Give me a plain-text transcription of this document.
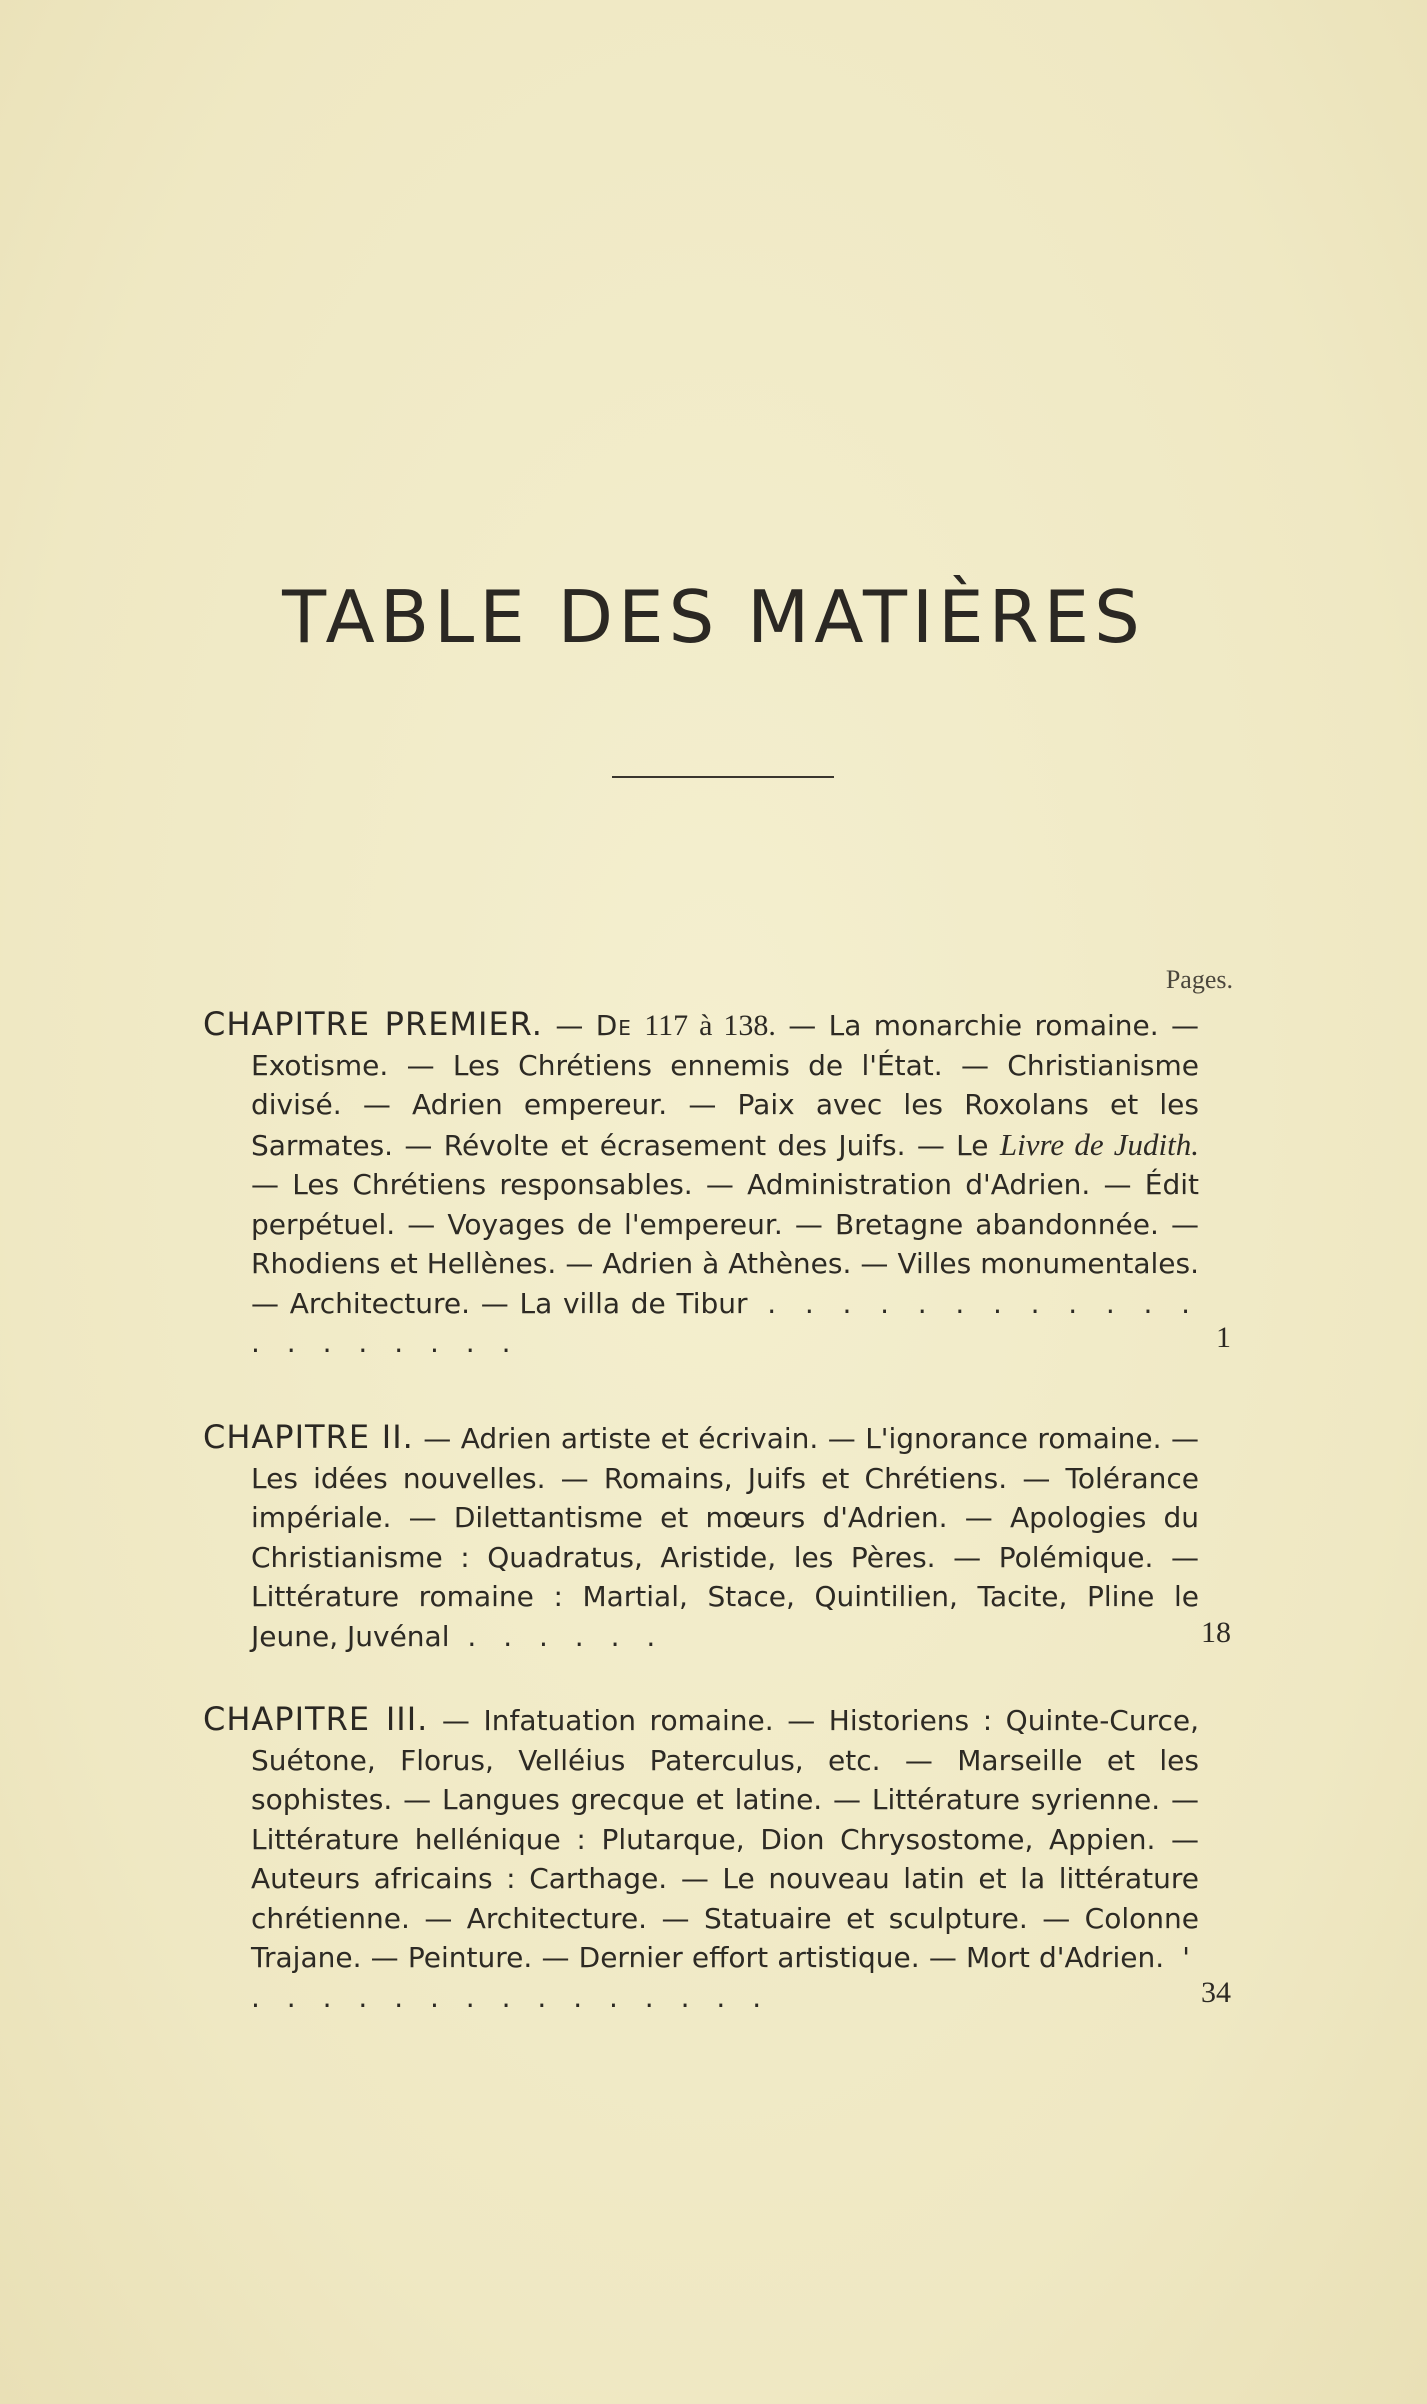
TABLE DES MATIÈRES
Pages.
CHAPITRE PREMIER. — De 117 à 138. — La monarchie romaine. — Exotisme. — Les Chrétiens ennemis de l'État. — Christianisme divisé. — Adrien empereur. — Paix avec les Roxolans et les Sarmates. — Révolte et écrasement des Juifs. — Le Livre de Judith. — Les Chrétiens responsables. — Administration d'Adrien. — Édit perpétuel. — Voyages de l'empereur. — Bretagne abandonnée. — Rhodiens et Hellènes. — Adrien à Athènes. — Villes monumentales. — Architecture. — La villa de Tibur . . . . . . . . . . . . . . . . . . . .	1
CHAPITRE II. — Adrien artiste et écrivain. — L'ignorance romaine. — Les idées nouvelles. — Romains, Juifs et Chrétiens. — Tolérance impériale. — Dilettantisme et mœurs d'Adrien. — Apologies du Christianisme : Quadratus, Aristide, les Pères. — Polémique. — Littérature romaine : Martial, Stace, Quintilien, Tacite, Pline le Jeune, Juvénal . . . . . .	18
CHAPITRE III. — Infatuation romaine. — Historiens : Quinte-Curce, Suétone, Florus, Velléius Paterculus, etc. — Marseille et les sophistes. — Langues grecque et latine. — Littérature syrienne. — Littérature hellénique : Plutarque, Dion Chrysostome, Appien. — Auteurs africains : Carthage. — Le nouveau latin et la littérature chrétienne. — Architecture. — Statuaire et sculpture. — Colonne Trajane. — Peinture. — Dernier effort artistique. — Mort d'Adrien. ' . . . . . . . . . . . . . . .	34
